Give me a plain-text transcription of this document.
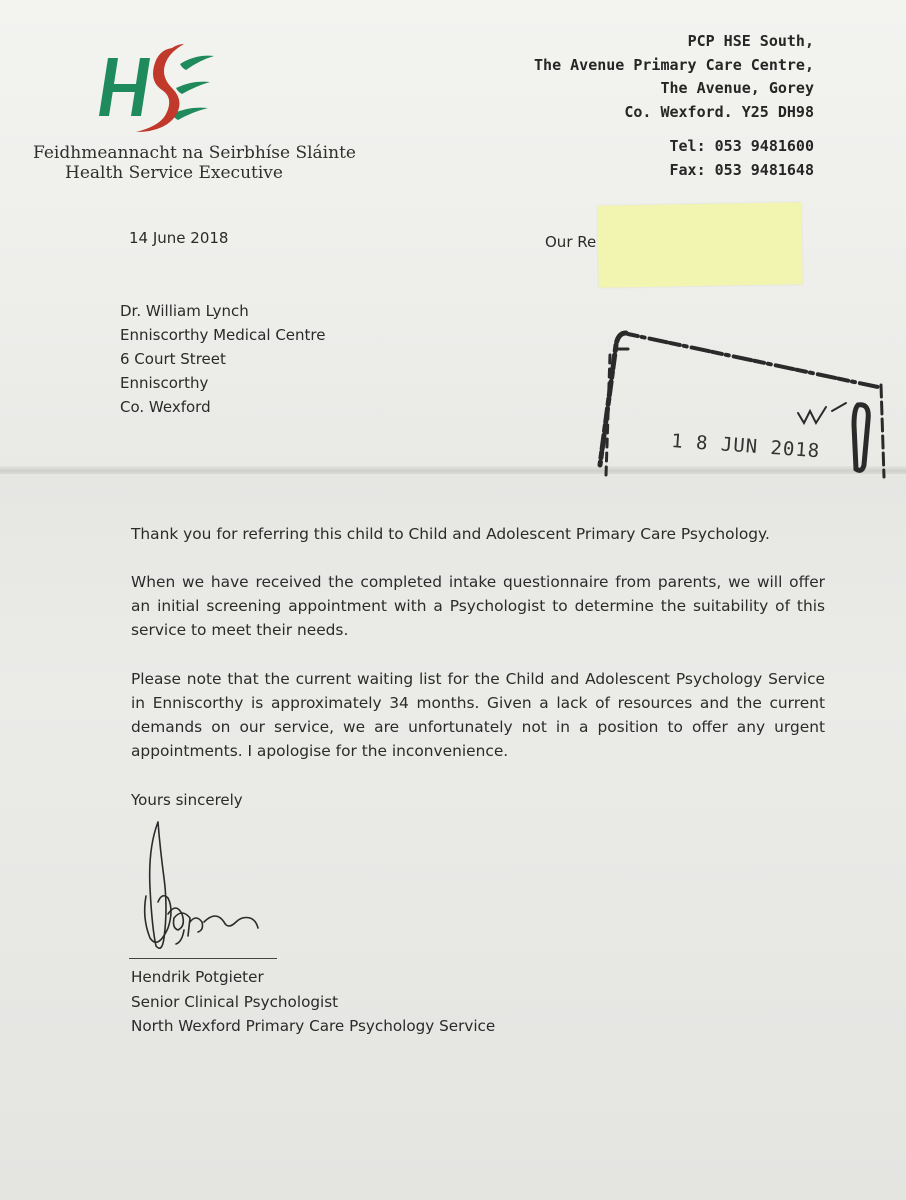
Feidhmeannacht na Seirbhíse Sláinte
Health Service Executive
PCP HSE South,
The Avenue Primary Care Centre,
The Avenue, Gorey
Co. Wexford. Y25 DH98
Tel: 053 9481600
Fax: 053 9481648
14 June 2018	Our Re
Dr. William Lynch
Enniscorthy Medical Centre
6 Court Street
Enniscorthy
Co. Wexford
1 8 JUN 2018
Thank you for referring this child to Child and Adolescent Primary Care Psychology.
When we have received the completed intake questionnaire from parents, we will offer an initial screening appointment with a Psychologist to determine the suitability of this service to meet their needs.
Please note that the current waiting list for the Child and Adolescent Psychology Service in Enniscorthy is approximately 34 months. Given a lack of resources and the current demands on our service, we are unfortunately not in a position to offer any urgent appointments. I apologise for the inconvenience.
Yours sincerely
Hendrik Potgieter
Senior Clinical Psychologist
North Wexford Primary Care Psychology Service
